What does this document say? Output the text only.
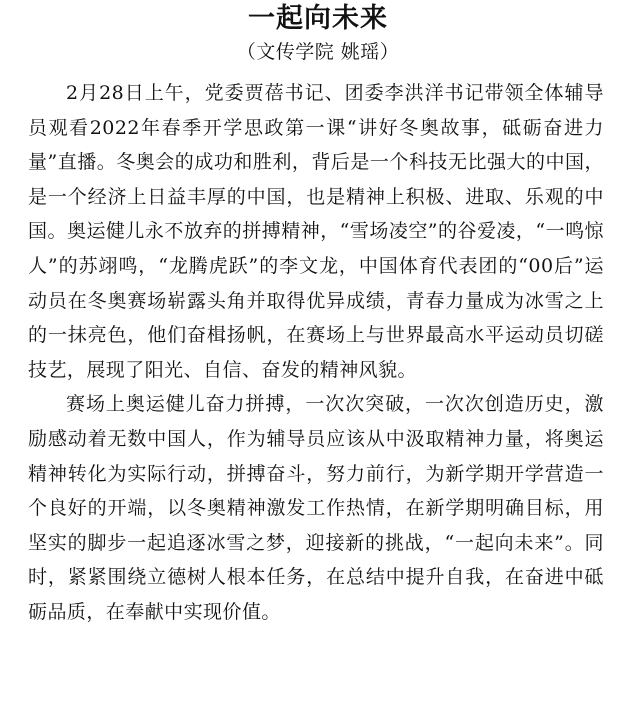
一起向未来
（文传学院 姚瑶）

2月28日上午，党委贾蓓书记、团委李洪洋书记带领全体辅导员观看2022年春季开学思政第一课“讲好冬奥故事，砥砺奋进力量”直播。冬奥会的成功和胜利，背后是一个科技无比强大的中国，是一个经济上日益丰厚的中国，也是精神上积极、进取、乐观的中国。奥运健儿永不放弃的拼搏精神，“雪场凌空”的谷爱凌，“一鸣惊人”的苏翊鸣，“龙腾虎跃”的李文龙，中国体育代表团的“00后”运动员在冬奥赛场崭露头角并取得优异成绩，青春力量成为冰雪之上的一抹亮色，他们奋楫扬帆，在赛场上与世界最高水平运动员切磋技艺，展现了阳光、自信、奋发的精神风貌。

赛场上奥运健儿奋力拼搏，一次次突破，一次次创造历史，激励感动着无数中国人，作为辅导员应该从中汲取精神力量，将奥运精神转化为实际行动，拼搏奋斗，努力前行，为新学期开学营造一个良好的开端，以冬奥精神激发工作热情，在新学期明确目标，用坚实的脚步一起追逐冰雪之梦，迎接新的挑战，“一起向未来”。同时，紧紧围绕立德树人根本任务，在总结中提升自我，在奋进中砥砺品质，在奉献中实现价值。
